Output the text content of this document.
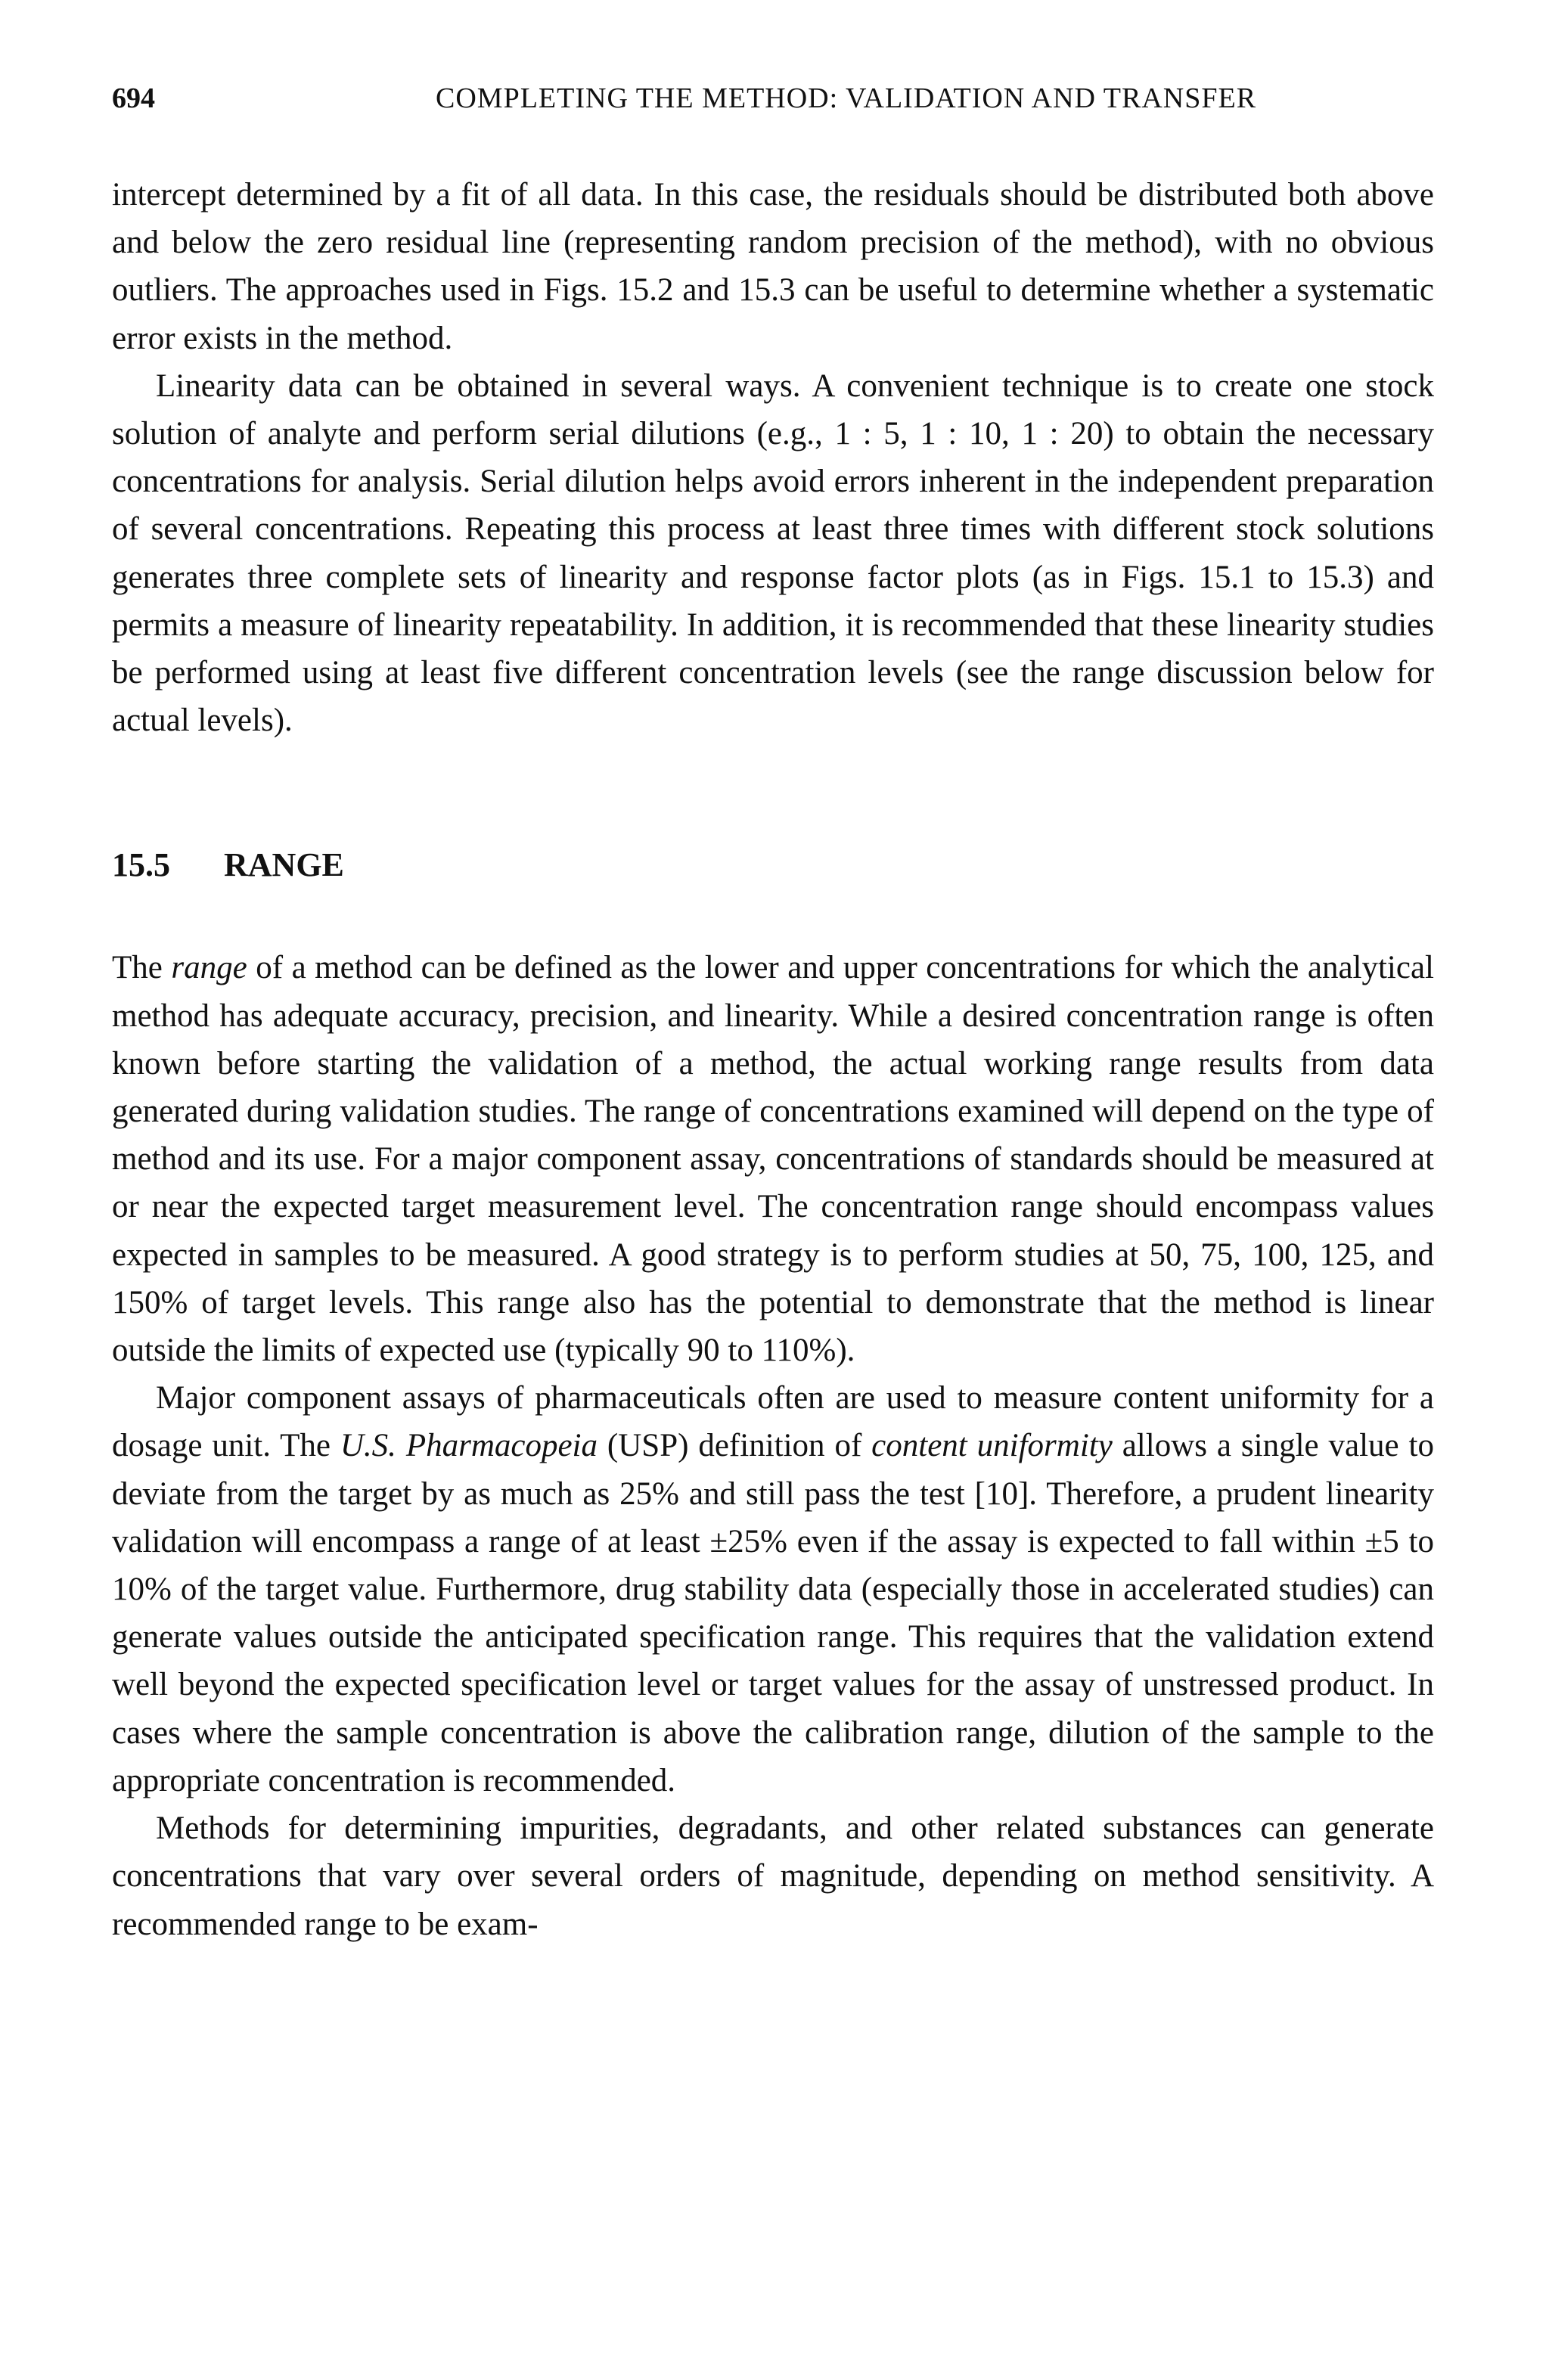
694	COMPLETING THE METHOD: VALIDATION AND TRANSFER

intercept determined by a fit of all data. In this case, the residuals should be distributed both above and below the zero residual line (representing random precision of the method), with no obvious outliers. The approaches used in Figs. 15.2 and 15.3 can be useful to determine whether a systematic error exists in the method.

Linearity data can be obtained in several ways. A convenient technique is to create one stock solution of analyte and perform serial dilutions (e.g., 1 : 5, 1 : 10, 1 : 20) to obtain the necessary concentrations for analysis. Serial dilution helps avoid errors inherent in the independent preparation of several concentrations. Repeating this process at least three times with different stock solutions generates three complete sets of linearity and response factor plots (as in Figs. 15.1 to 15.3) and permits a measure of linearity repeatability. In addition, it is recommended that these linearity studies be performed using at least five different concentration levels (see the range discussion below for actual levels).

15.5 RANGE

The range of a method can be defined as the lower and upper concentrations for which the analytical method has adequate accuracy, precision, and linearity. While a desired concentration range is often known before starting the validation of a method, the actual working range results from data generated during validation studies. The range of concentrations examined will depend on the type of method and its use. For a major component assay, concentrations of standards should be measured at or near the expected target measurement level. The concentration range should encompass values expected in samples to be measured. A good strategy is to perform studies at 50, 75, 100, 125, and 150% of target levels. This range also has the potential to demonstrate that the method is linear outside the limits of expected use (typically 90 to 110%).

Major component assays of pharmaceuticals often are used to measure content uniformity for a dosage unit. The U.S. Pharmacopeia (USP) definition of content uniformity allows a single value to deviate from the target by as much as 25% and still pass the test [10]. Therefore, a prudent linearity validation will encompass a range of at least ±25% even if the assay is expected to fall within ±5 to 10% of the target value. Furthermore, drug stability data (especially those in accelerated studies) can generate values outside the anticipated specification range. This requires that the validation extend well beyond the expected specification level or target values for the assay of unstressed product. In cases where the sample concentration is above the calibration range, dilution of the sample to the appropriate concentration is recommended.

Methods for determining impurities, degradants, and other related substances can generate concentrations that vary over several orders of magnitude, depending on method sensitivity. A recommended range to be exam-
